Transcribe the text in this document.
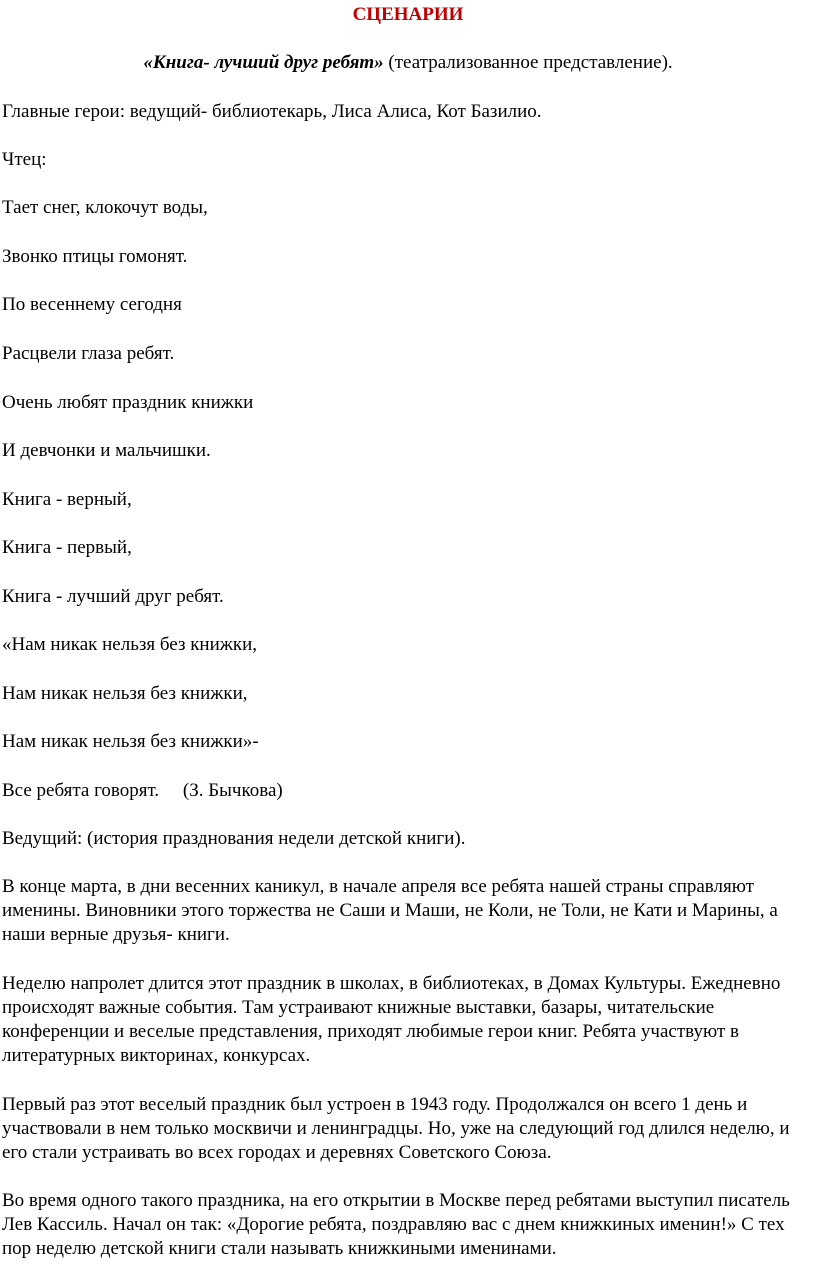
СЦЕНАРИИ
«Книга- лучший друг ребят» (театрализованное представление).
Главные герои: ведущий- библиотекарь, Лиса Алиса, Кот Базилио.
Чтец:
Тает снег, клокочут воды,
Звонко птицы гомонят.
По весеннему сегодня
Расцвели глаза ребят.
Очень любят праздник книжки
И девчонки и мальчишки.
Книга - верный,
Книга - первый,
Книга - лучший друг ребят.
«Нам никак нельзя без книжки,
Нам никак нельзя без книжки,
Нам никак нельзя без книжки»-
Все ребята говорят.     (З. Бычкова)
Ведущий: (история празднования недели детской книги).
В конце марта, в дни весенних каникул, в начале апреля все ребята нашей страны справляют именины. Виновники этого торжества не Саши и Маши, не Коли, не Толи, не Кати и Марины, а наши верные друзья- книги.
Неделю напролет длится этот праздник в школах, в библиотеках, в Домах Культуры. Ежедневно происходят важные события. Там устраивают книжные выставки, базары, читательские конференции и веселые представления, приходят любимые герои книг. Ребята участвуют в литературных викторинах, конкурсах.
Первый раз этот веселый праздник был устроен в 1943 году. Продолжался он всего 1 день и участвовали в нем только москвичи и ленинградцы. Но, уже на следующий год длился неделю, и его стали устраивать во всех городах и деревнях Советского Союза.
Во время одного такого праздника, на его открытии в Москве перед ребятами выступил писатель Лев Кассиль. Начал он так: «Дорогие ребята, поздравляю вас с днем книжкиных именин!» С тех пор неделю детской книги стали называть книжкиными именинами.
